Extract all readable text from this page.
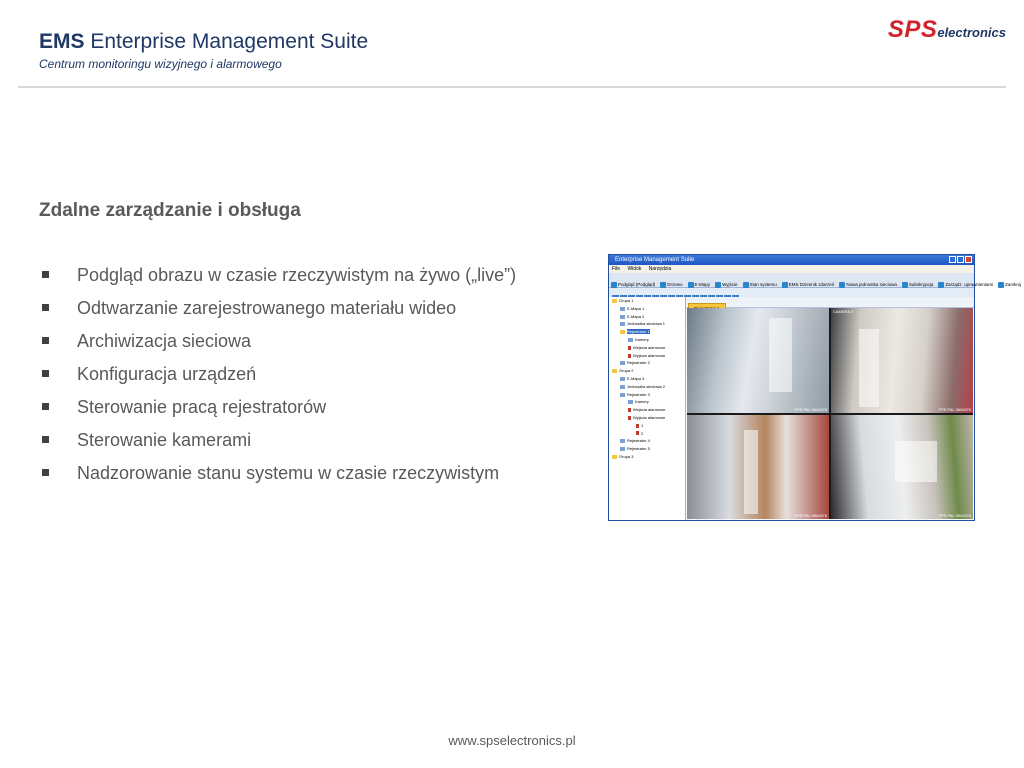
EMS Enterprise Management Suite
Centrum monitoringu wizyjnego i alarmowego
SPSelectronics
Zdalne zarządzanie i obsługa
Podgląd obrazu w czasie rzeczywistym na żywo („live”)
Odtwarzanie zarejestrowanego materiału wideo
Archiwizacja sieciowa
Konfiguracja urządzeń
Sterowanie pracą rejestratorów
Sterowanie kamerami
Nadzorowanie stanu systemu w czasie rzeczywistym
Enterprise Management Suite
File Widok Narzędzia
Podgląd (Podgląd)	Drzewo	E-Mapy	Wyjście	Stan systemu	EMS Dziennik zdarzeń	Nowa jednostka sieciowa	Subskrypcja	Zarządz. uprawnieniami	Zamknij

Grupa 1
E-Mapa 1
E-Mapa 2
Jednostka sieciowa 1
Rejestrator 1
Kamery
Wejścia alarmowe
Wyjścia alarmowe
Rejestrator 2
Grupa 2
E-Mapa 3
Jednostka sieciowa 2
Rejestrator 3
Kamery
Wejścia alarmowe
Wyjścia alarmowe
1
2
Rejestrator 4
Rejestrator 5
Grupa 3
FPS PAL 960x576
CAMERA 2
FPS PAL 960x576
FPS PAL 960x576	FPS PAL 960x576
www.spselectronics.pl
